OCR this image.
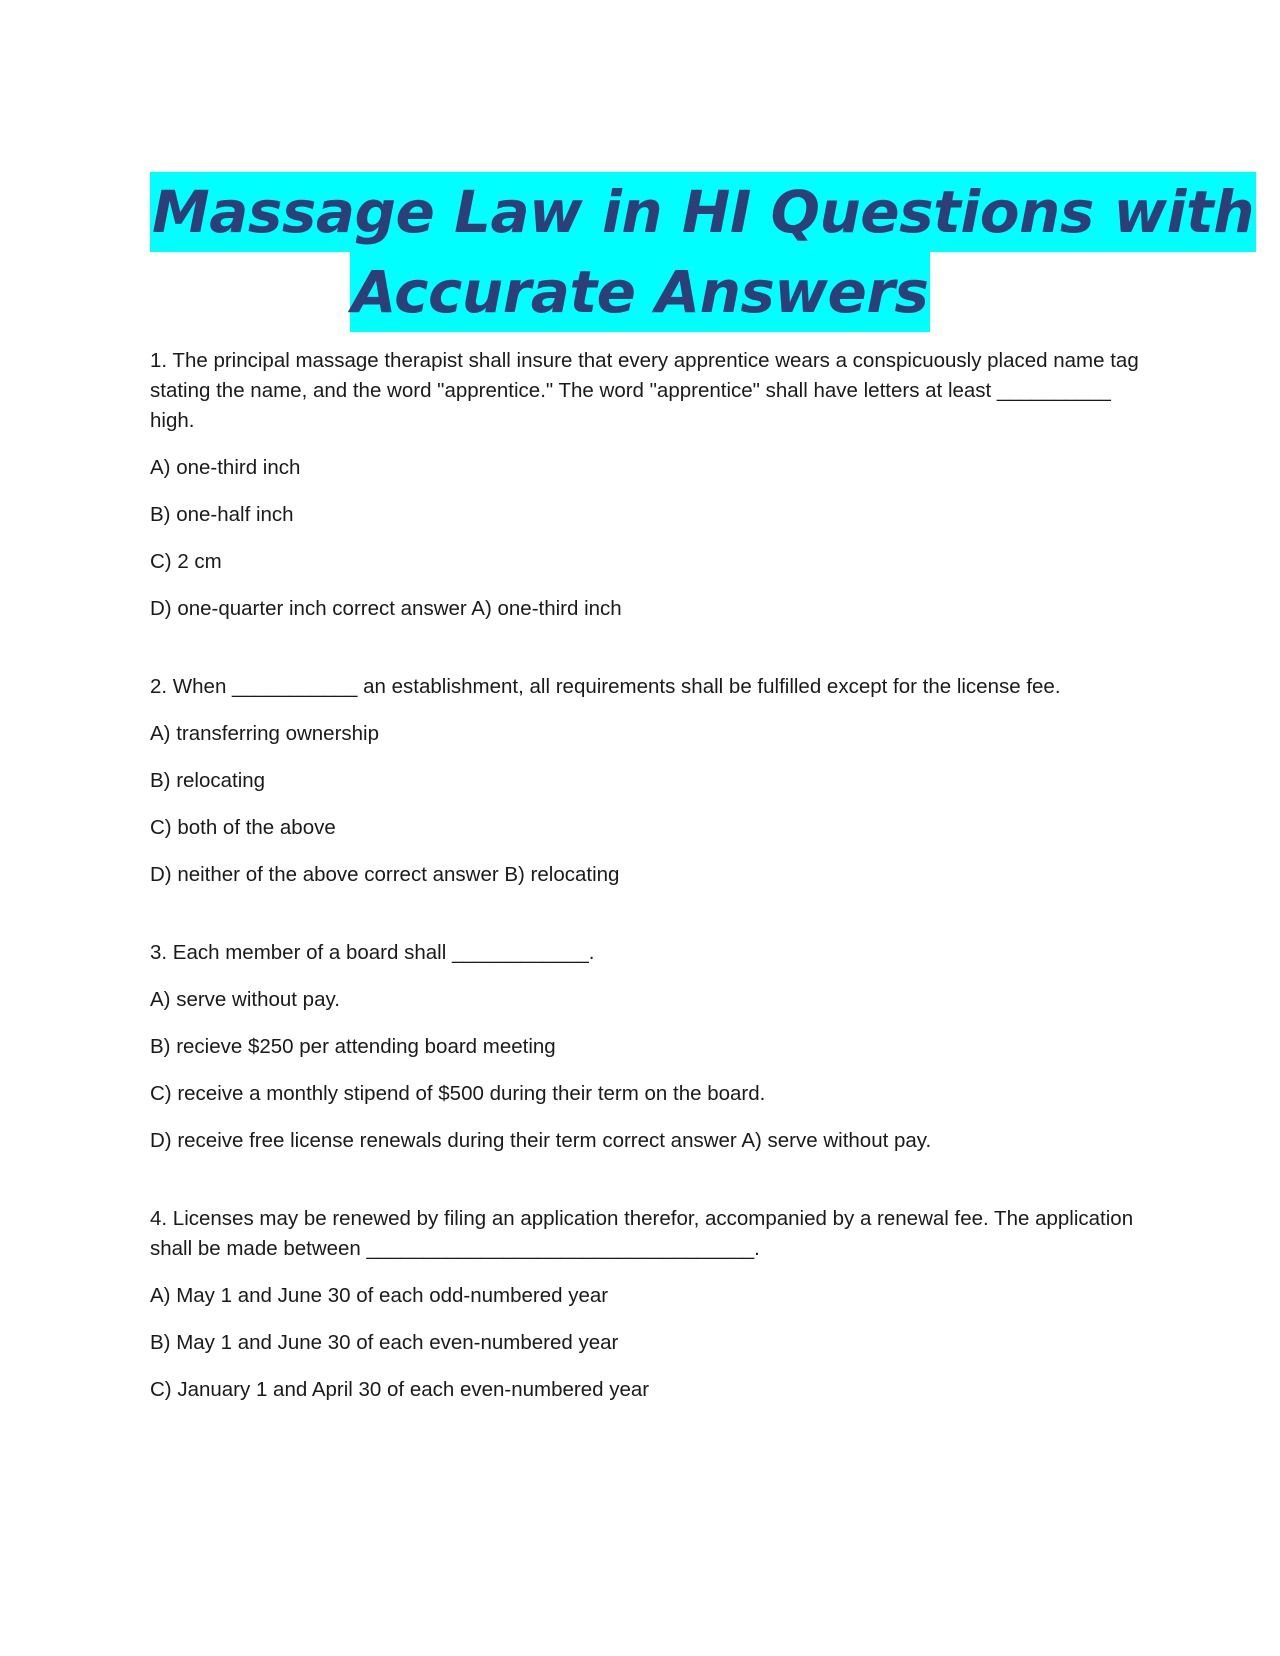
Massage Law in HI Questions with
Accurate Answers

1. The principal massage therapist shall insure that every apprentice wears a conspicuously placed name tag stating the name, and the word "apprentice." The word "apprentice" shall have letters at least __________ high.

A) one-third inch

B) one-half inch

C) 2 cm

D) one-quarter inch correct answer A) one-third inch

2. When ___________ an establishment, all requirements shall be fulfilled except for the license fee.

A) transferring ownership

B) relocating

C) both of the above

D) neither of the above correct answer B) relocating

3. Each member of a board shall ____________.

A) serve without pay.

B) recieve $250 per attending board meeting

C) receive a monthly stipend of $500 during their term on the board.

D) receive free license renewals during their term correct answer A) serve without pay.

4. Licenses may be renewed by filing an application therefor, accompanied by a renewal fee. The application shall be made between __________________________________.

A) May 1 and June 30 of each odd-numbered year

B) May 1 and June 30 of each even-numbered year

C) January 1 and April 30 of each even-numbered year
